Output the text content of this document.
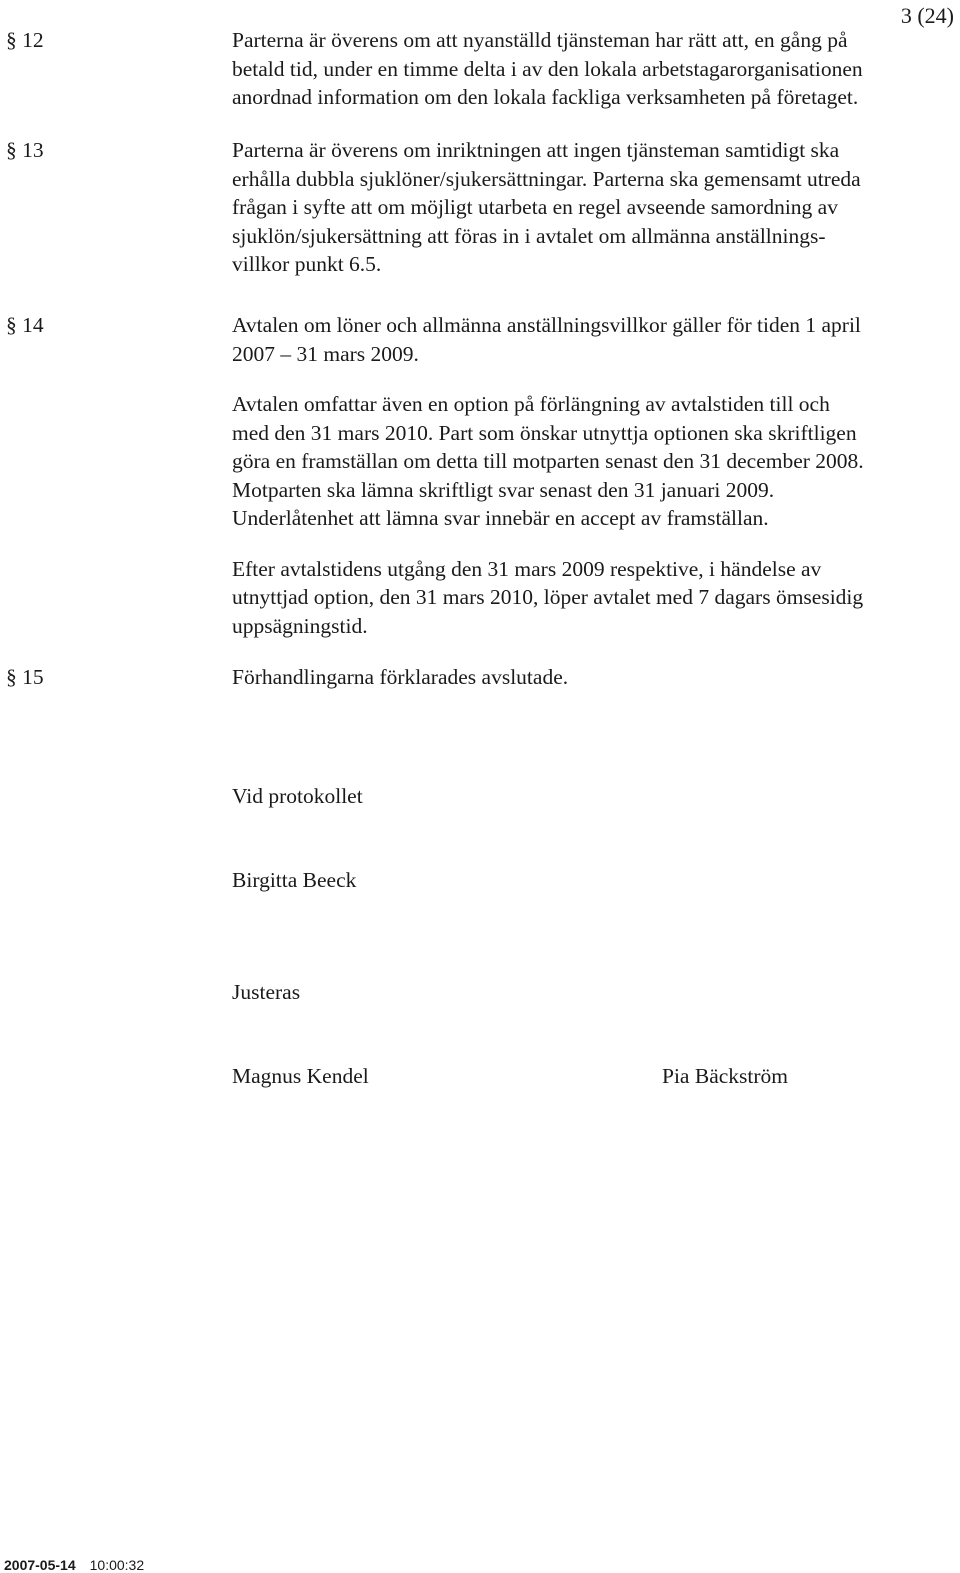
3 (24)
§ 12	Parterna är överens om att nyanställd tjänsteman har rätt att, en gång på
betald tid, under en timme delta i av den lokala arbetstagarorganisationen
anordnad information om den lokala fackliga verksamheten på företaget.

§ 13	Parterna är överens om inriktningen att ingen tjänsteman samtidigt ska
erhålla dubbla sjuklöner/sjukersättningar. Parterna ska gemensamt utreda
frågan i syfte att om möjligt utarbeta en regel avseende samordning av
sjuklön/sjukersättning att föras in i avtalet om allmänna anställnings-
villkor punkt 6.5.

§ 14	Avtalen om löner och allmänna anställningsvillkor gäller för tiden 1 april
2007 – 31 mars 2009.

Avtalen omfattar även en option på förlängning av avtalstiden till och
med den 31 mars 2010. Part som önskar utnyttja optionen ska skriftligen
göra en framställan om detta till motparten senast den 31 december 2008.
Motparten ska lämna skriftligt svar senast den 31 januari 2009.
Underlåtenhet att lämna svar innebär en accept av framställan.

Efter avtalstidens utgång den 31 mars 2009 respektive, i händelse av
utnyttjad option, den 31 mars 2010, löper avtalet med 7 dagars ömsesidig
uppsägningstid.

§ 15	Förhandlingarna förklarades avslutade.

Vid protokollet
Birgitta Beeck
Justeras
Magnus Kendel	Pia Bäckström
2007-05-14 10:00:32
